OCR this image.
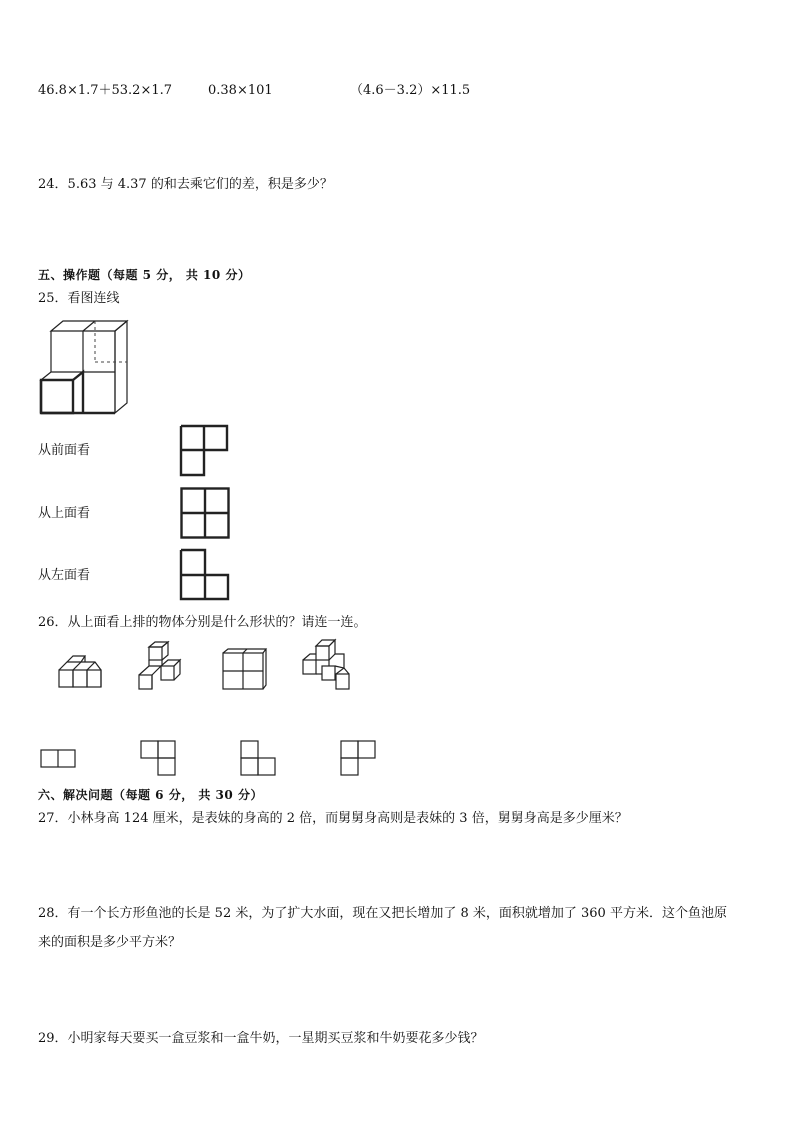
46.8×1.7＋53.2×1.7	0.38×101	（4.6－3.2）×11.5
24．5.63 与 4.37 的和去乘它们的差，积是多少？
五、操作题（每题 5 分， 共 10 分）
25．看图连线
从前面看
从上面看
从左面看
26．从上面看上排的物体分别是什么形状的？请连一连。
六、解决问题（每题 6 分， 共 30 分）
27．小林身高 124 厘米，是表妹的身高的 2 倍，而舅舅身高则是表妹的 3 倍，舅舅身高是多少厘米？
28．有一个长方形鱼池的长是 52 米，为了扩大水面，现在又把长增加了 8 米，面积就增加了 360 平方米．这个鱼池原
来的面积是多少平方米？
29．小明家每天要买一盒豆浆和一盒牛奶，一星期买豆浆和牛奶要花多少钱？
